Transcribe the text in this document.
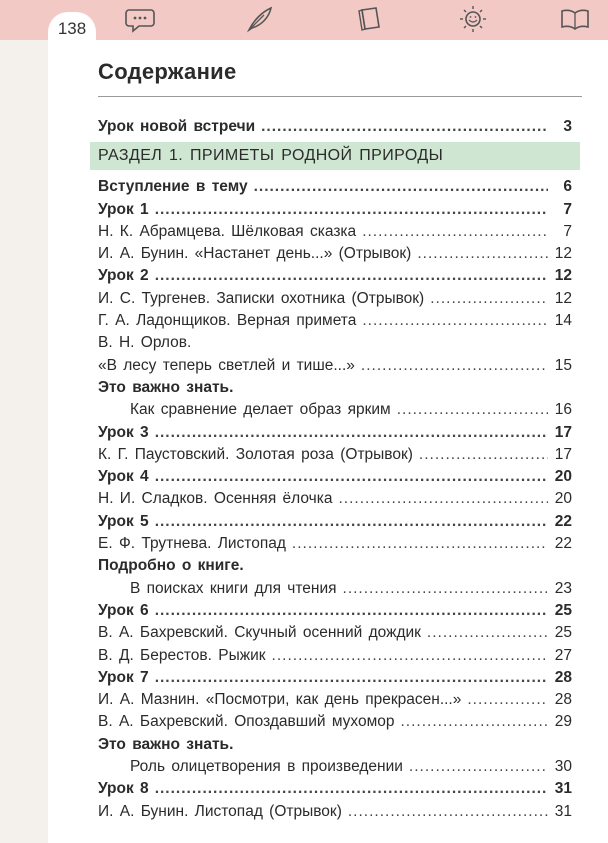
138
Содержание
Урок новой встречи .....	3
РАЗДЕЛ 1. ПРИМЕТЫ РОДНОЙ ПРИРОДЫ
Вступление в тему .....	6
Урок 1 .....	7
Н. К. Абрамцева. Шёлковая сказка .....	7
И. А. Бунин. «Настанет день...» (Отрывок) .....	12
Урок 2 .....	12
И. С. Тургенев. Записки охотника (Отрывок) .....	12
Г. А. Ладонщиков. Верная примета .....	14
В. Н. Орлов.
«В лесу теперь светлей и тише...» .....	15
Это важно знать.
Как сравнение делает образ ярким .....	16
Урок 3 .....	17
К. Г. Паустовский. Золотая роза (Отрывок) .....	17
Урок 4 .....	20
Н. И. Сладков. Осенняя ёлочка .....	20
Урок 5 .....	22
Е. Ф. Трутнева. Листопад .....	22
Подробно о книге.
В поисках книги для чтения .....	23
Урок 6 .....	25
В. А. Бахревский. Скучный осенний дождик .....	25
В. Д. Берестов. Рыжик .....	27
Урок 7 .....	28
И. А. Мазнин. «Посмотри, как день прекрасен...» .....	28
В. А. Бахревский. Опоздавший мухомор .....	29
Это важно знать.
Роль олицетворения в произведении .....	30
Урок 8 .....	31
И. А. Бунин. Листопад (Отрывок) .....	31
